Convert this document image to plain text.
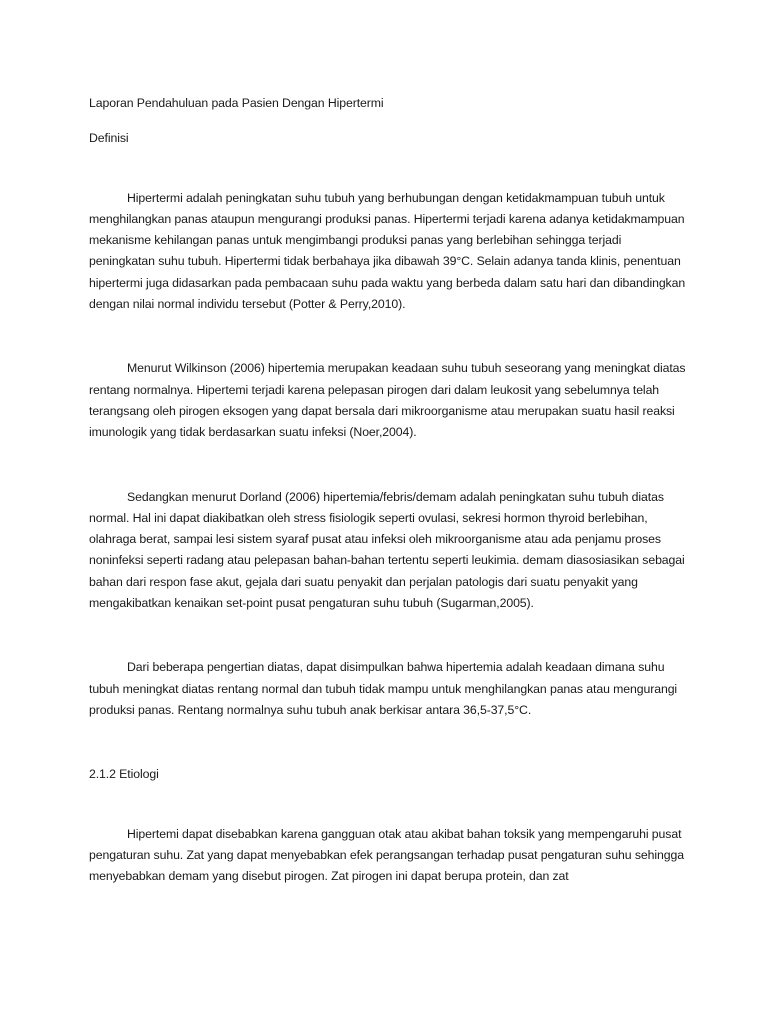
Laporan Pendahuluan pada Pasien Dengan Hipertermi

Definisi

Hipertermi adalah peningkatan suhu tubuh yang berhubungan dengan ketidakmampuan tubuh untuk menghilangkan panas ataupun mengurangi produksi panas. Hipertermi terjadi karena adanya ketidakmampuan mekanisme kehilangan panas untuk mengimbangi produksi panas yang berlebihan sehingga terjadi peningkatan suhu tubuh. Hipertermi tidak berbahaya jika dibawah 39°C. Selain adanya tanda klinis, penentuan hipertermi juga didasarkan pada pembacaan suhu pada waktu yang berbeda dalam satu hari dan dibandingkan dengan nilai normal individu tersebut (Potter & Perry,2010).

Menurut Wilkinson (2006) hipertemia merupakan keadaan suhu tubuh seseorang yang meningkat diatas rentang normalnya. Hipertemi terjadi karena pelepasan pirogen dari dalam leukosit yang sebelumnya telah terangsang oleh pirogen eksogen yang dapat bersala dari mikroorganisme atau merupakan suatu hasil reaksi imunologik yang tidak berdasarkan suatu infeksi (Noer,2004).

Sedangkan menurut Dorland (2006) hipertemia/febris/demam adalah peningkatan suhu tubuh diatas normal. Hal ini dapat diakibatkan oleh stress fisiologik seperti ovulasi, sekresi hormon thyroid berlebihan, olahraga berat, sampai lesi sistem syaraf pusat atau infeksi oleh mikroorganisme atau ada penjamu proses noninfeksi seperti radang atau pelepasan bahan-bahan tertentu seperti leukimia. demam diasosiasikan sebagai bahan dari respon fase akut, gejala dari suatu penyakit dan perjalan patologis dari suatu penyakit yang mengakibatkan kenaikan set-point pusat pengaturan suhu tubuh (Sugarman,2005).

Dari beberapa pengertian diatas, dapat disimpulkan bahwa hipertemia adalah keadaan dimana suhu tubuh meningkat diatas rentang normal dan tubuh tidak mampu untuk menghilangkan panas atau mengurangi produksi panas. Rentang normalnya suhu tubuh anak berkisar antara 36,5-37,5°C.

2.1.2 Etiologi

Hipertemi dapat disebabkan karena gangguan otak atau akibat bahan toksik yang mempengaruhi pusat pengaturan suhu. Zat yang dapat menyebabkan efek perangsangan terhadap pusat pengaturan suhu sehingga menyebabkan demam yang disebut pirogen. Zat pirogen ini dapat berupa protein, dan zat
